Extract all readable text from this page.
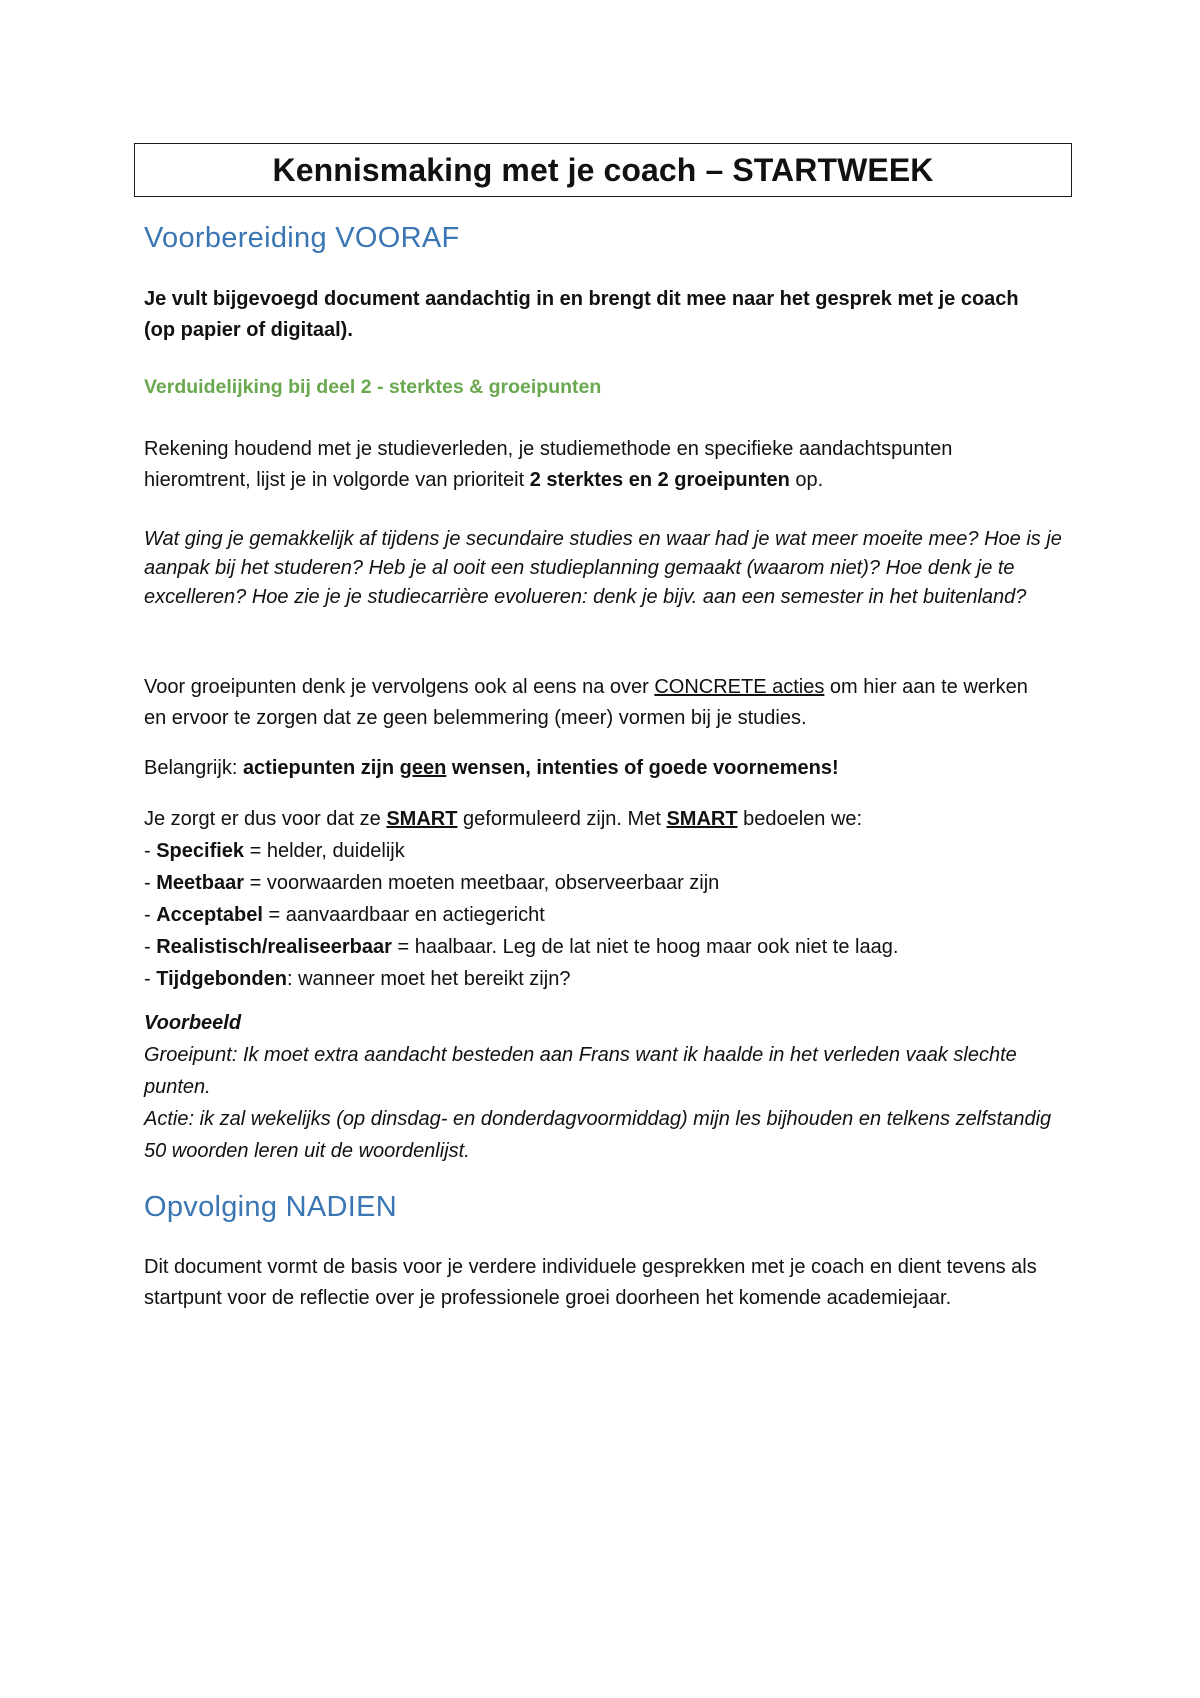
Kennismaking met je coach – STARTWEEK
Voorbereiding VOORAF

Je vult bijgevoegd document aandachtig in en brengt dit mee naar het gesprek met je coach (op papier of digitaal).

Verduidelijking bij deel 2 - sterktes & groeipunten

Rekening houdend met je studieverleden, je studiemethode en specifieke aandachtspunten hieromtrent, lijst je in volgorde van prioriteit 2 sterktes en 2 groeipunten op.

Wat ging je gemakkelijk af tijdens je secundaire studies en waar had je wat meer moeite mee? Hoe is je aanpak bij het studeren? Heb je al ooit een studieplanning gemaakt (waarom niet)? Hoe denk je te excelleren? Hoe zie je je studiecarrière evolueren: denk je bijv. aan een semester in het buitenland?

Voor groeipunten denk je vervolgens ook al eens na over CONCRETE acties om hier aan te werken en ervoor te zorgen dat ze geen belemmering (meer) vormen bij je studies.

Belangrijk: actiepunten zijn geen wensen, intenties of goede voornemens!

Je zorgt er dus voor dat ze SMART geformuleerd zijn. Met SMART bedoelen we:

- Specifiek = helder, duidelijk
- Meetbaar = voorwaarden moeten meetbaar, observeerbaar zijn
- Acceptabel = aanvaardbaar en actiegericht
- Realistisch/realiseerbaar = haalbaar. Leg de lat niet te hoog maar ook niet te laag.
- Tijdgebonden: wanneer moet het bereikt zijn?
Voorbeeld
Groeipunt: Ik moet extra aandacht besteden aan Frans want ik haalde in het verleden vaak slechte punten.
Actie: ik zal wekelijks (op dinsdag- en donderdagvoormiddag) mijn les bijhouden en telkens zelfstandig 50 woorden leren uit de woordenlijst.
Opvolging NADIEN

Dit document vormt de basis voor je verdere individuele gesprekken met je coach en dient tevens als startpunt voor de reflectie over je professionele groei doorheen het komende academiejaar.
